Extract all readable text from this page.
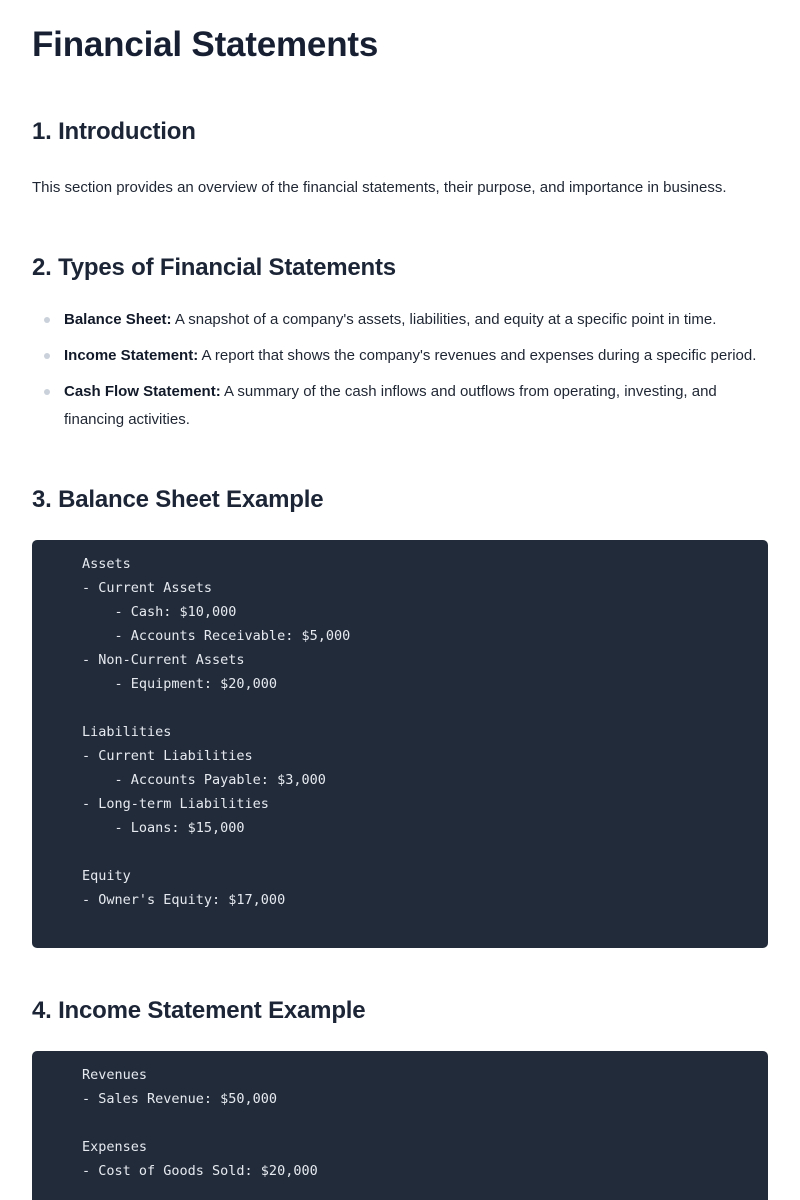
Financial Statements
1. Introduction

This section provides an overview of the financial statements, their purpose, and importance in business.

2. Types of Financial Statements
Balance Sheet: A snapshot of a company's assets, liabilities, and equity at a specific point in time.
Income Statement: A report that shows the company's revenues and expenses during a specific period.
Cash Flow Statement: A summary of the cash inflows and outflows from operating, investing, and financing activities.
3. Balance Sheet Example
Assets
- Current Assets
- Cash: $10,000
- Accounts Receivable: $5,000
- Non-Current Assets
- Equipment: $20,000

Liabilities
- Current Liabilities
- Accounts Payable: $3,000
- Long-term Liabilities
- Loans: $15,000

Equity
- Owner's Equity: $17,000
4. Income Statement Example
Revenues
- Sales Revenue: $50,000

Expenses
- Cost of Goods Sold: $20,000
